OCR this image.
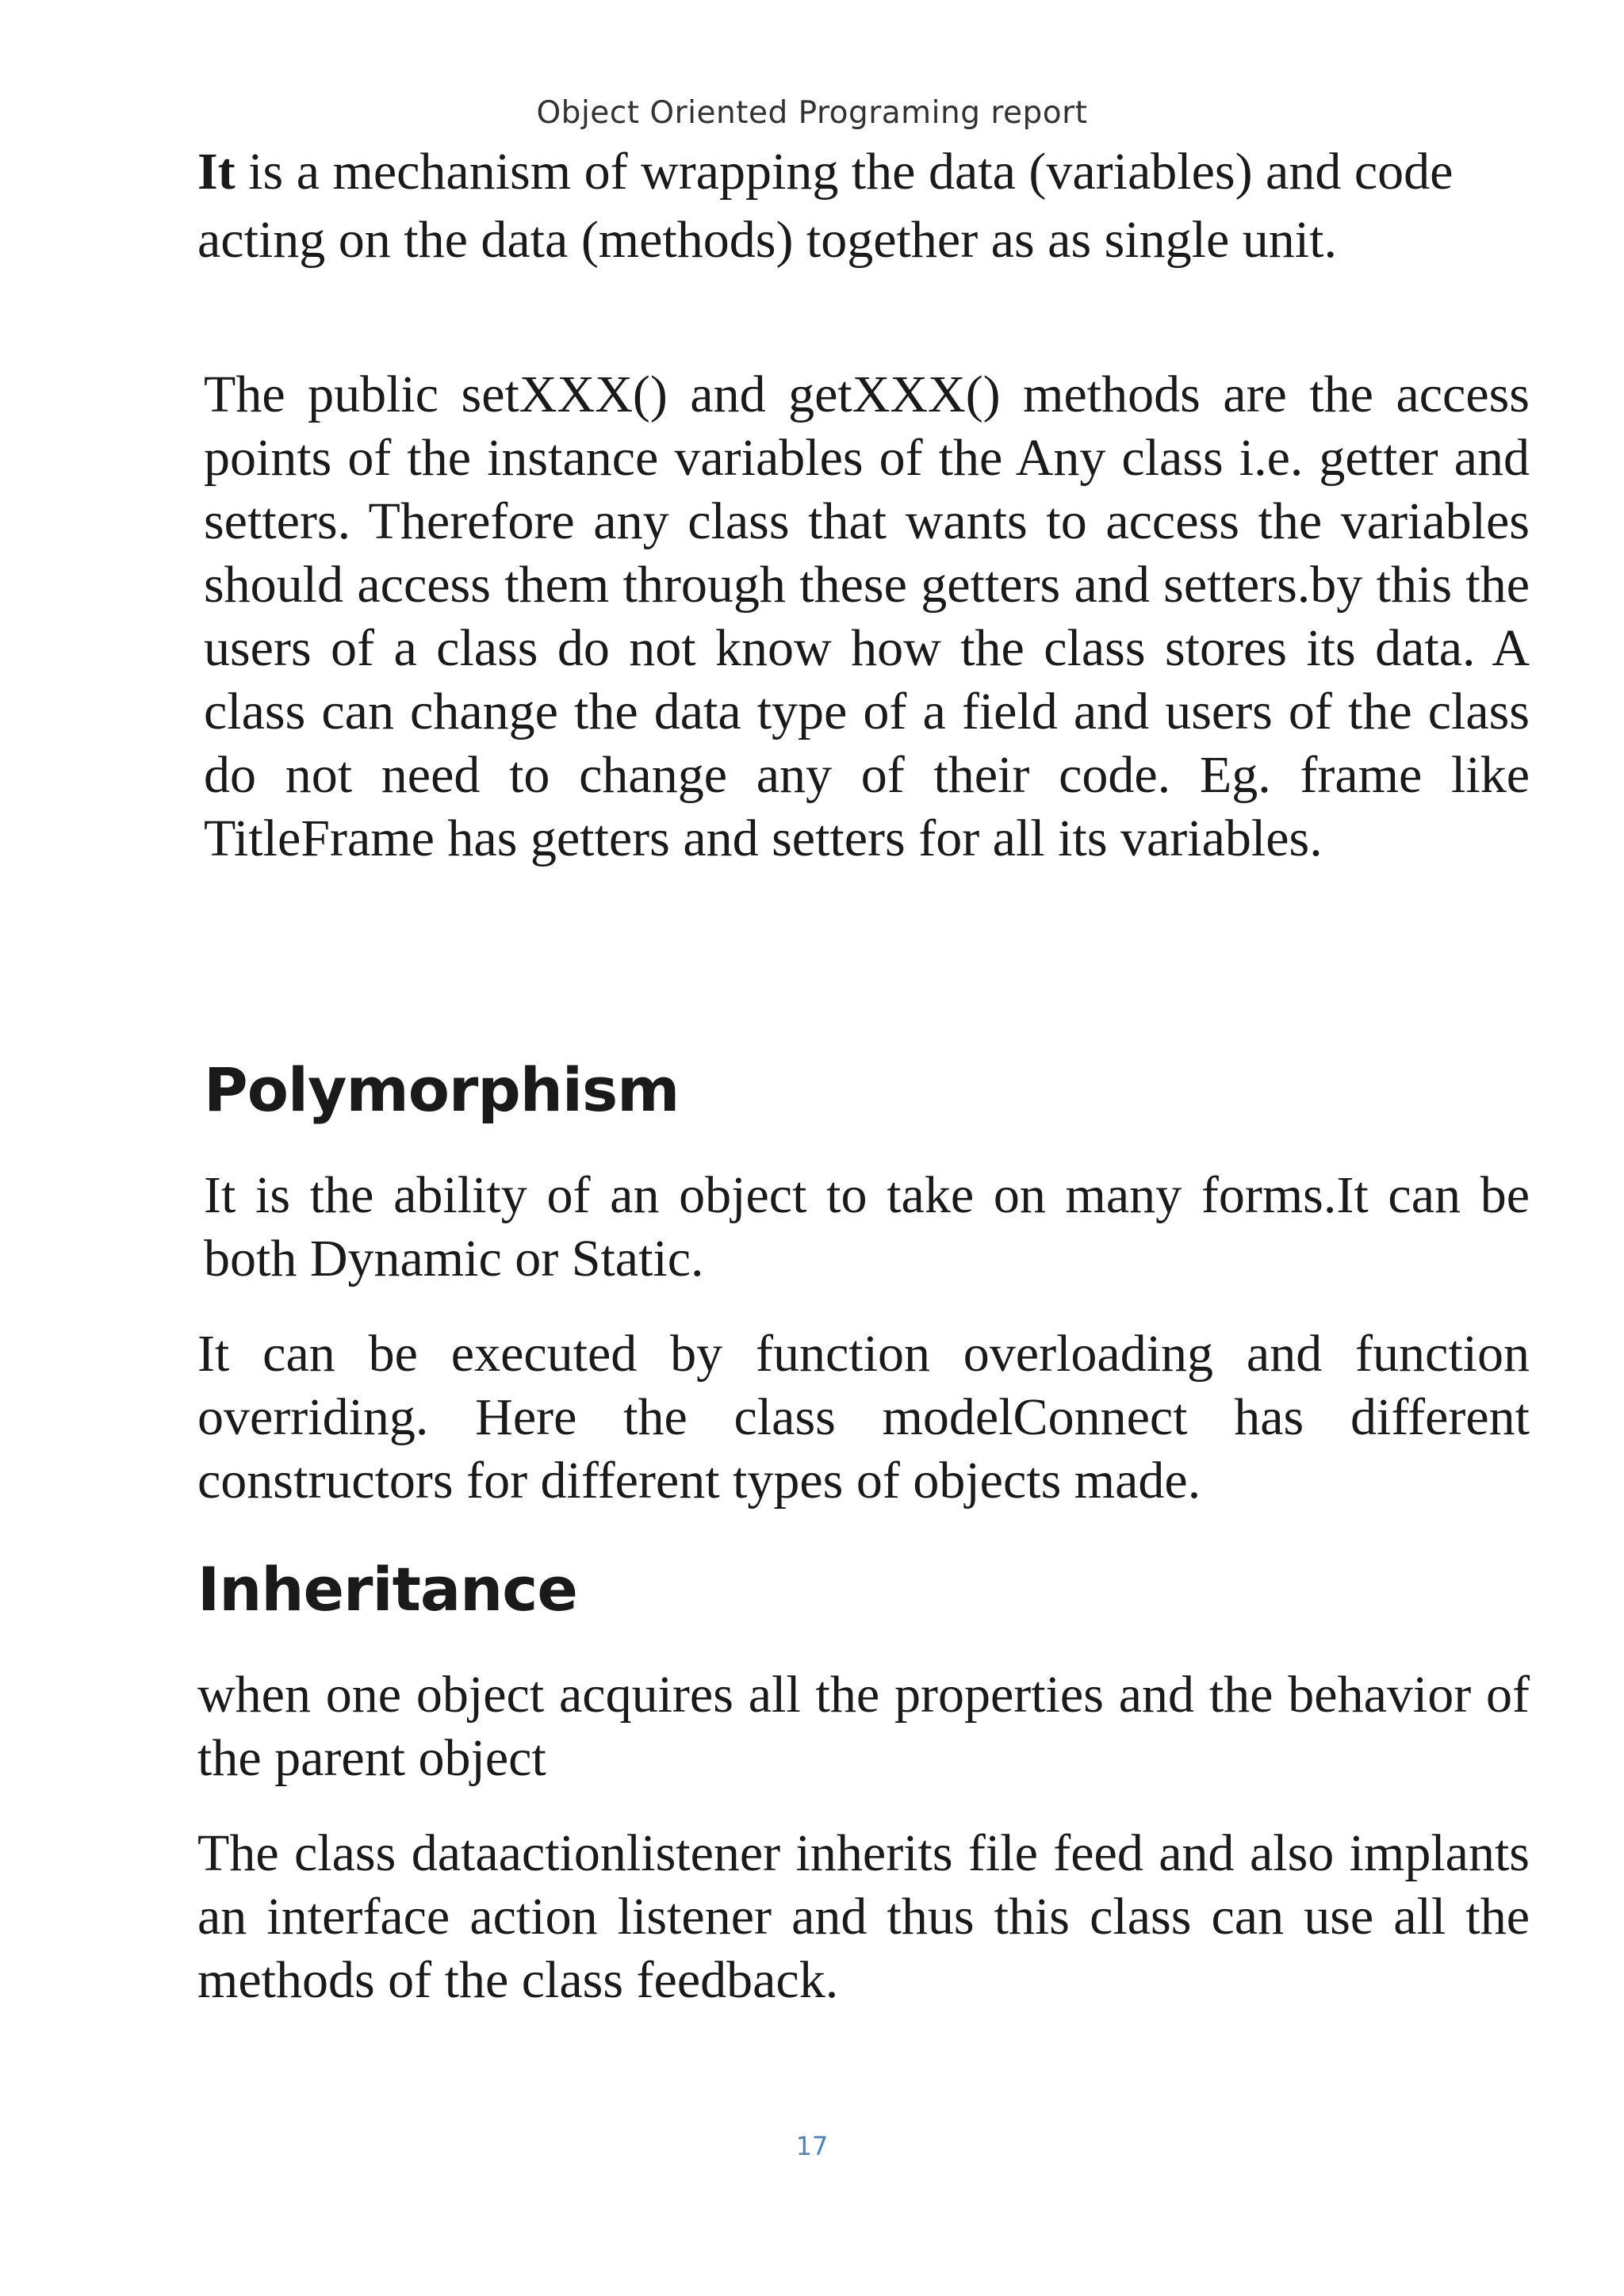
Object Oriented Programing report

It is a mechanism of wrapping the data (variables) and code acting on the data (methods) together as as single unit.

The public setXXX() and getXXX() methods are the access points of the instance variables of the Any class i.e. getter and setters. Therefore any class that wants to access the variables should access them through these getters and setters.by this the users of a class do not know how the class stores its data. A class can change the data type of a field and users of the class do not need to change any of their code. Eg. frame like TitleFrame has getters and setters for all its variables.

Polymorphism

It is the ability of an object to take on many forms.It can be both Dynamic or Static.

It can be executed by function overloading and function overriding. Here the class modelConnect has different constructors for different types of objects made.

Inheritance

when one object acquires all the properties and the behavior of the parent object

The class dataactionlistener inherits file feed and also implants an interface action listener and thus this class can use all the methods of the class feedback.

17
